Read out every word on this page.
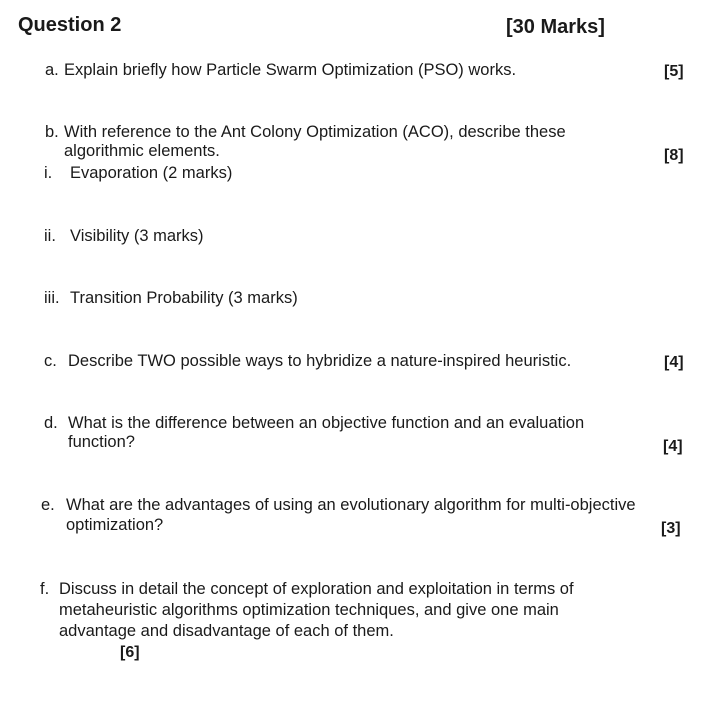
Question 2	[30 Marks]
a. Explain briefly how Particle Swarm Optimization (PSO) works.	[5]
b. With reference to the Ant Colony Optimization (ACO), describe these
algorithmic elements.	[8]
i. Evaporation (2 marks)
ii. Visibility (3 marks)
iii. Transition Probability (3 marks)
c. Describe TWO possible ways to hybridize a nature-inspired heuristic.	[4]
d. What is the difference between an objective function and an evaluation
function?	[4]
e. What are the advantages of using an evolutionary algorithm for multi-objective
optimization?	[3]
f. Discuss in detail the concept of exploration and exploitation in terms of
metaheuristic algorithms optimization techniques, and give one main
advantage and disadvantage of each of them.
[6]
